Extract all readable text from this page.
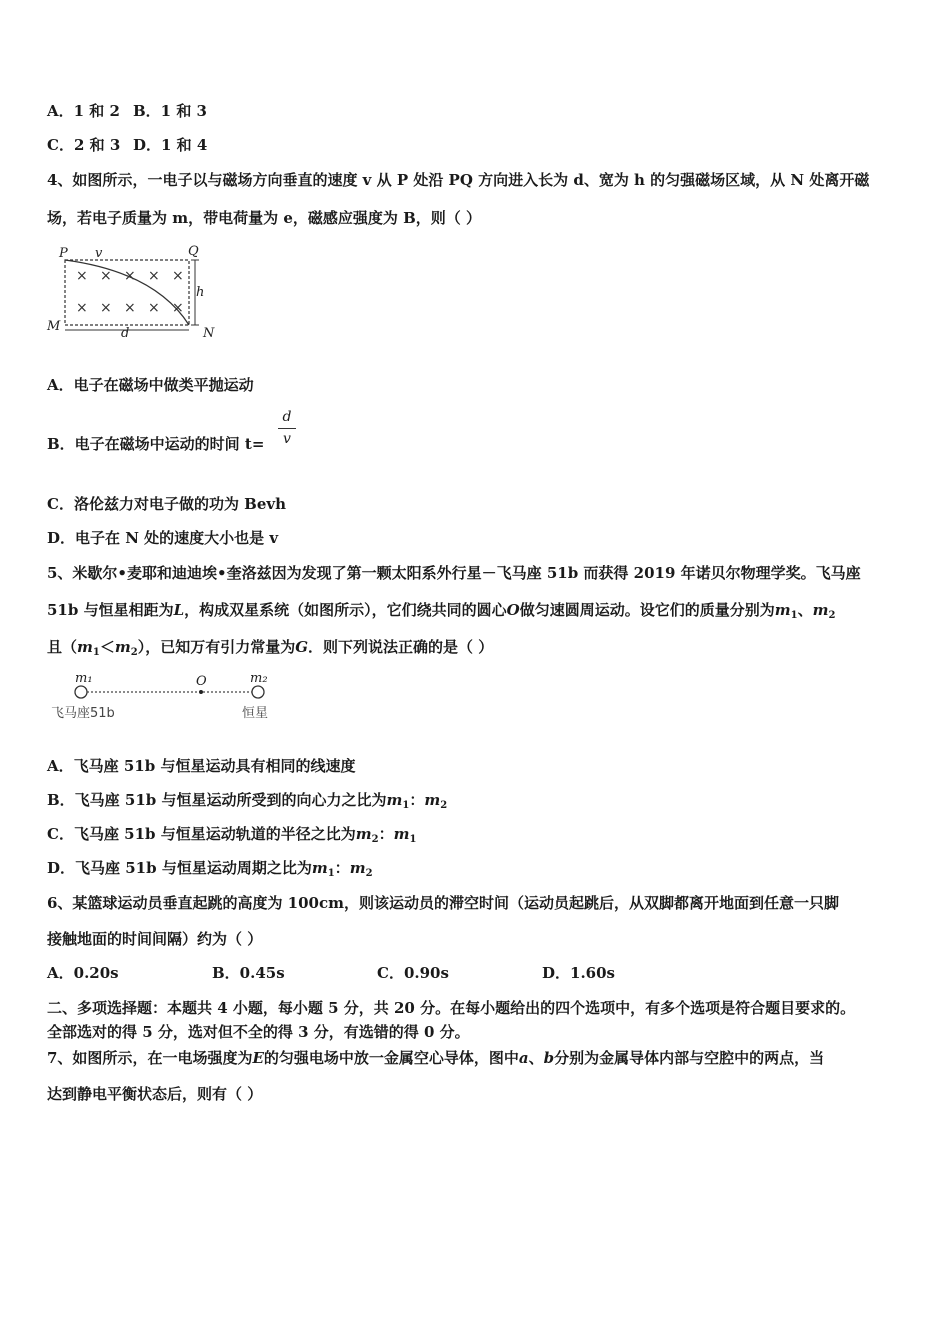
A．1 和 2 B．1 和 3
C．2 和 3 D．1 和 4
4、如图所示，一电子以与磁场方向垂直的速度 v 从 P 处沿 PQ 方向进入长为 d、宽为 h 的匀强磁场区域，从 N 处离开磁
场，若电子质量为 m，带电荷量为 e，磁感应强度为 B，则（ ）
P v	Q
h
M	N
d
× × × × ×
× × × × ×
A．电子在磁场中做类平抛运动
B．电子在磁场中运动的时间 t=
d
v
C．洛伦兹力对电子做的功为 Bevh
D．电子在 N 处的速度大小也是 v
5、米歇尔•麦耶和迪迪埃•奎洛兹因为发现了第一颗太阳系外行星－飞马座 51b 而获得 2019 年诺贝尔物理学奖。飞马座
51b 与恒星相距为L，构成双星系统（如图所示），它们绕共同的圆心O做匀速圆周运动。设它们的质量分别为$m_1$、$m_2$
且$(m_1<m_2)$，已知万有引力常量为G．则下列说法正确的是（ ）
m₁	O	m₂
飞马座51b	恒星
A．飞马座 51b 与恒星运动具有相同的线速度
B．飞马座 51b 与恒星运动所受到的向心力之比为$m_1$：$m_2$
C．飞马座 51b 与恒星运动轨道的半径之比为$m_2$：$m_1$
D．飞马座 51b 与恒星运动周期之比为$m_1$：$m_2$
6、某篮球运动员垂直起跳的高度为 100cm，则该运动员的滞空时间（运动员起跳后，从双脚都离开地面到任意一只脚
接触地面的时间间隔）约为（ ）
A．0.20s	B．0.45s	C．0.90s	D．1.60s
二、多项选择题：本题共 4 小题，每小题 5 分，共 20 分。在每小题给出的四个选项中，有多个选项是符合题目要求的。
全部选对的得 5 分，选对但不全的得 3 分，有选错的得 0 分。
7、如图所示，在一电场强度为E的匀强电场中放一金属空心导体，图中a、b分别为金属导体内部与空腔中的两点，当
达到静电平衡状态后，则有（ ）
